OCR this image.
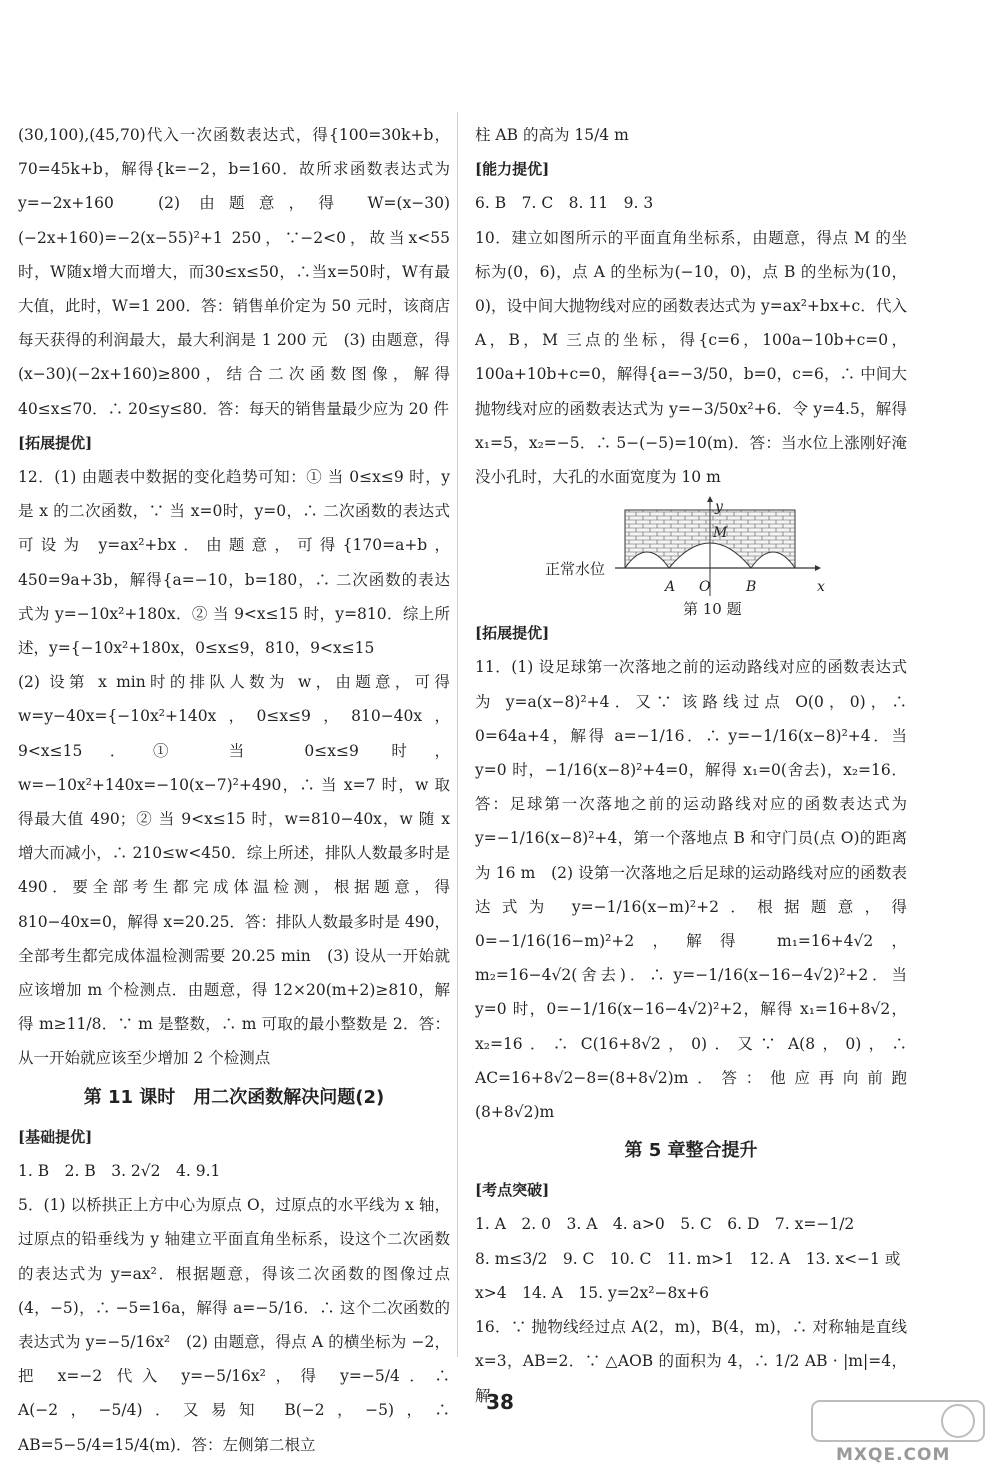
(30,100),(45,70)代入一次函数表达式，得{100=30k+b，70=45k+b，解得{k=−2，b=160．故所求函数表达式为 y=−2x+160　(2) 由题意，得 W=(x−30)(−2x+160)=−2(x−55)²+1 250，∵−2<0，故当x<55时，W随x增大而增大，而30≤x≤50，∴当x=50时，W有最大值，此时，W=1 200．答：销售单价定为 50 元时，该商店每天获得的利润最大，最大利润是 1 200 元　(3) 由题意，得(x−30)(−2x+160)≥800，结合二次函数图像，解得 40≤x≤70．∴ 20≤y≤80．答：每天的销售量最少应为 20 件

[拓展提优]

12．(1) 由题表中数据的变化趋势可知：① 当 0≤x≤9 时，y 是 x 的二次函数，∵ 当 x=0时，y=0，∴ 二次函数的表达式可设为 y=ax²+bx．由题意，可得{170=a+b，450=9a+3b，解得{a=−10，b=180，∴ 二次函数的表达式为 y=−10x²+180x．② 当 9<x≤15 时，y=810．综上所述，y={−10x²+180x，0≤x≤9，810，9<x≤15

(2) 设第 x min时的排队人数为 w，由题意，可得 w=y−40x={−10x²+140x，0≤x≤9，810−40x，9<x≤15．① 当 0≤x≤9 时，w=−10x²+140x=−10(x−7)²+490，∴ 当 x=7 时，w 取得最大值 490；② 当 9<x≤15 时，w=810−40x，w 随 x 增大而减小，∴ 210≤w<450．综上所述，排队人数最多时是 490．要全部考生都完成体温检测，根据题意，得 810−40x=0，解得 x=20.25．答：排队人数最多时是 490，全部考生都完成体温检测需要 20.25 min　(3) 设从一开始就应该增加 m 个检测点．由题意，得 12×20(m+2)≥810，解得 m≥11/8．∵ m 是整数，∴ m 可取的最小整数是 2．答：从一开始就应该至少增加 2 个检测点

第 11 课时　用二次函数解决问题(2)
[基础提优]

1. B　2. B　3. 2√2　4. 9.1

5．(1) 以桥拱正上方中心为原点 O，过原点的水平线为 x 轴，过原点的铅垂线为 y 轴建立平面直角坐标系，设这个二次函数的表达式为 y=ax²．根据题意，得该二次函数的图像过点(4，−5)，∴ −5=16a，解得 a=−5/16．∴ 这个二次函数的表达式为 y=−5/16x²　(2) 由题意，得点 A 的横坐标为 −2，把 x=−2 代入 y=−5/16x²，得 y=−5/4．∴ A(−2，−5/4)．又易知 B(−2，−5)，∴ AB=5−5/4=15/4(m)．答：左侧第二根立

柱 AB 的高为 15/4 m

[能力提优]

6. B　7. C　8. 11　9. 3

10．建立如图所示的平面直角坐标系，由题意，得点 M 的坐标为(0，6)，点 A 的坐标为(−10，0)，点 B 的坐标为(10，0)，设中间大抛物线对应的函数表达式为 y=ax²+bx+c．代入 A，B，M 三点的坐标，得{c=6，100a−10b+c=0，100a+10b+c=0，解得{a=−3/50，b=0，c=6，∴ 中间大抛物线对应的函数表达式为 y=−3/50x²+6．令 y=4.5，解得 x₁=5，x₂=−5．∴ 5−(−5)=10(m)．答：当水位上涨刚好淹没小孔时，大孔的水面宽度为 10 m

正常水位
A O	B
M
x
y
第 10 题
[拓展提优]

11．(1) 设足球第一次落地之前的运动路线对应的函数表达式为 y=a(x−8)²+4．又∵ 该路线过点 O(0，0)，∴ 0=64a+4，解得 a=−1/16．∴ y=−1/16(x−8)²+4．当 y=0 时，−1/16(x−8)²+4=0，解得 x₁=0(舍去)，x₂=16．答：足球第一次落地之前的运动路线对应的函数表达式为 y=−1/16(x−8)²+4，第一个落地点 B 和守门员(点 O)的距离为 16 m　(2) 设第一次落地之后足球的运动路线对应的函数表达式为 y=−1/16(x−m)²+2．根据题意，得 0=−1/16(16−m)²+2，解得 m₁=16+4√2，m₂=16−4√2(舍去)．∴ y=−1/16(x−16−4√2)²+2．当 y=0 时，0=−1/16(x−16−4√2)²+2，解得 x₁=16+8√2，x₂=16．∴ C(16+8√2，0)．又∵ A(8，0)，∴ AC=16+8√2−8=(8+8√2)m．答：他应再向前跑(8+8√2)m

第 5 章整合提升
[考点突破]

1. A　2. 0　3. A　4. a>0　5. C　6. D　7. x=−1/2

8. m≤3/2　9. C　10. C　11. m>1　12. A　13. x<−1 或 x>4　14. A　15. y=2x²−8x+6

16．∵ 抛物线经过点 A(2，m)，B(4，m)，∴ 对称轴是直线 x=3，AB=2．∵ △AOB 的面积为 4，∴ 1/2 AB · |m|=4，解

38
MXQE.COM
